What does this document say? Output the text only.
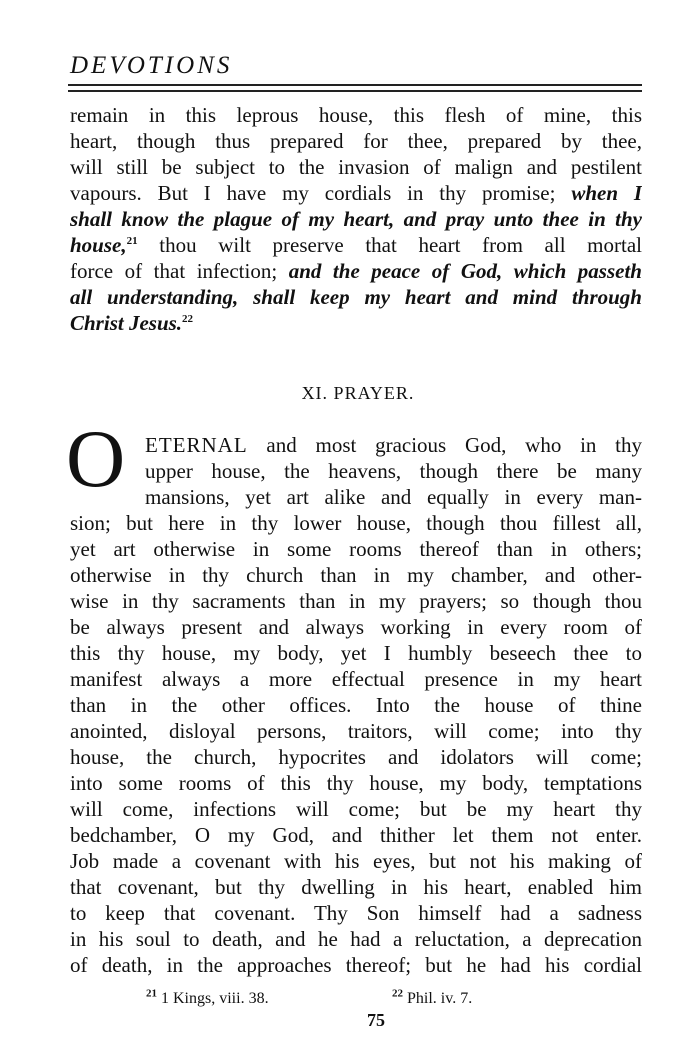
DEVOTIONS
remain in this leprous house, this flesh of mine, this
heart, though thus prepared for thee, prepared by thee,
will still be subject to the invasion of malign and pestilent
vapours. But I have my cordials in thy promise; when I
shall know the plague of my heart, and pray unto thee in thy
house,$^{21}$ thou wilt preserve that heart from all mortal
force of that infection; and the peace of God, which passeth
all understanding, shall keep my heart and mind through
Christ Jesus.$^{22}$
XI. PRAYER.
O ETERNAL and most gracious God, who in thy
upper house, the heavens, though there be many
mansions, yet art alike and equally in every man-
sion; but here in thy lower house, though thou fillest all,
yet art otherwise in some rooms thereof than in others;
otherwise in thy church than in my chamber, and other-
wise in thy sacraments than in my prayers; so though thou
be always present and always working in every room of
this thy house, my body, yet I humbly beseech thee to
manifest always a more effectual presence in my heart
than in the other offices. Into the house of thine
anointed, disloyal persons, traitors, will come; into thy
house, the church, hypocrites and idolators will come;
into some rooms of this thy house, my body, temptations
will come, infections will come; but be my heart thy
bedchamber, O my God, and thither let them not enter.
Job made a covenant with his eyes, but not his making of
that covenant, but thy dwelling in his heart, enabled him
to keep that covenant. Thy Son himself had a sadness
in his soul to death, and he had a reluctation, a deprecation
of death, in the approaches thereof; but he had his cordial
$^{21}$ 1 Kings, viii. 38.	$^{22}$ Phil. iv. 7.
75
